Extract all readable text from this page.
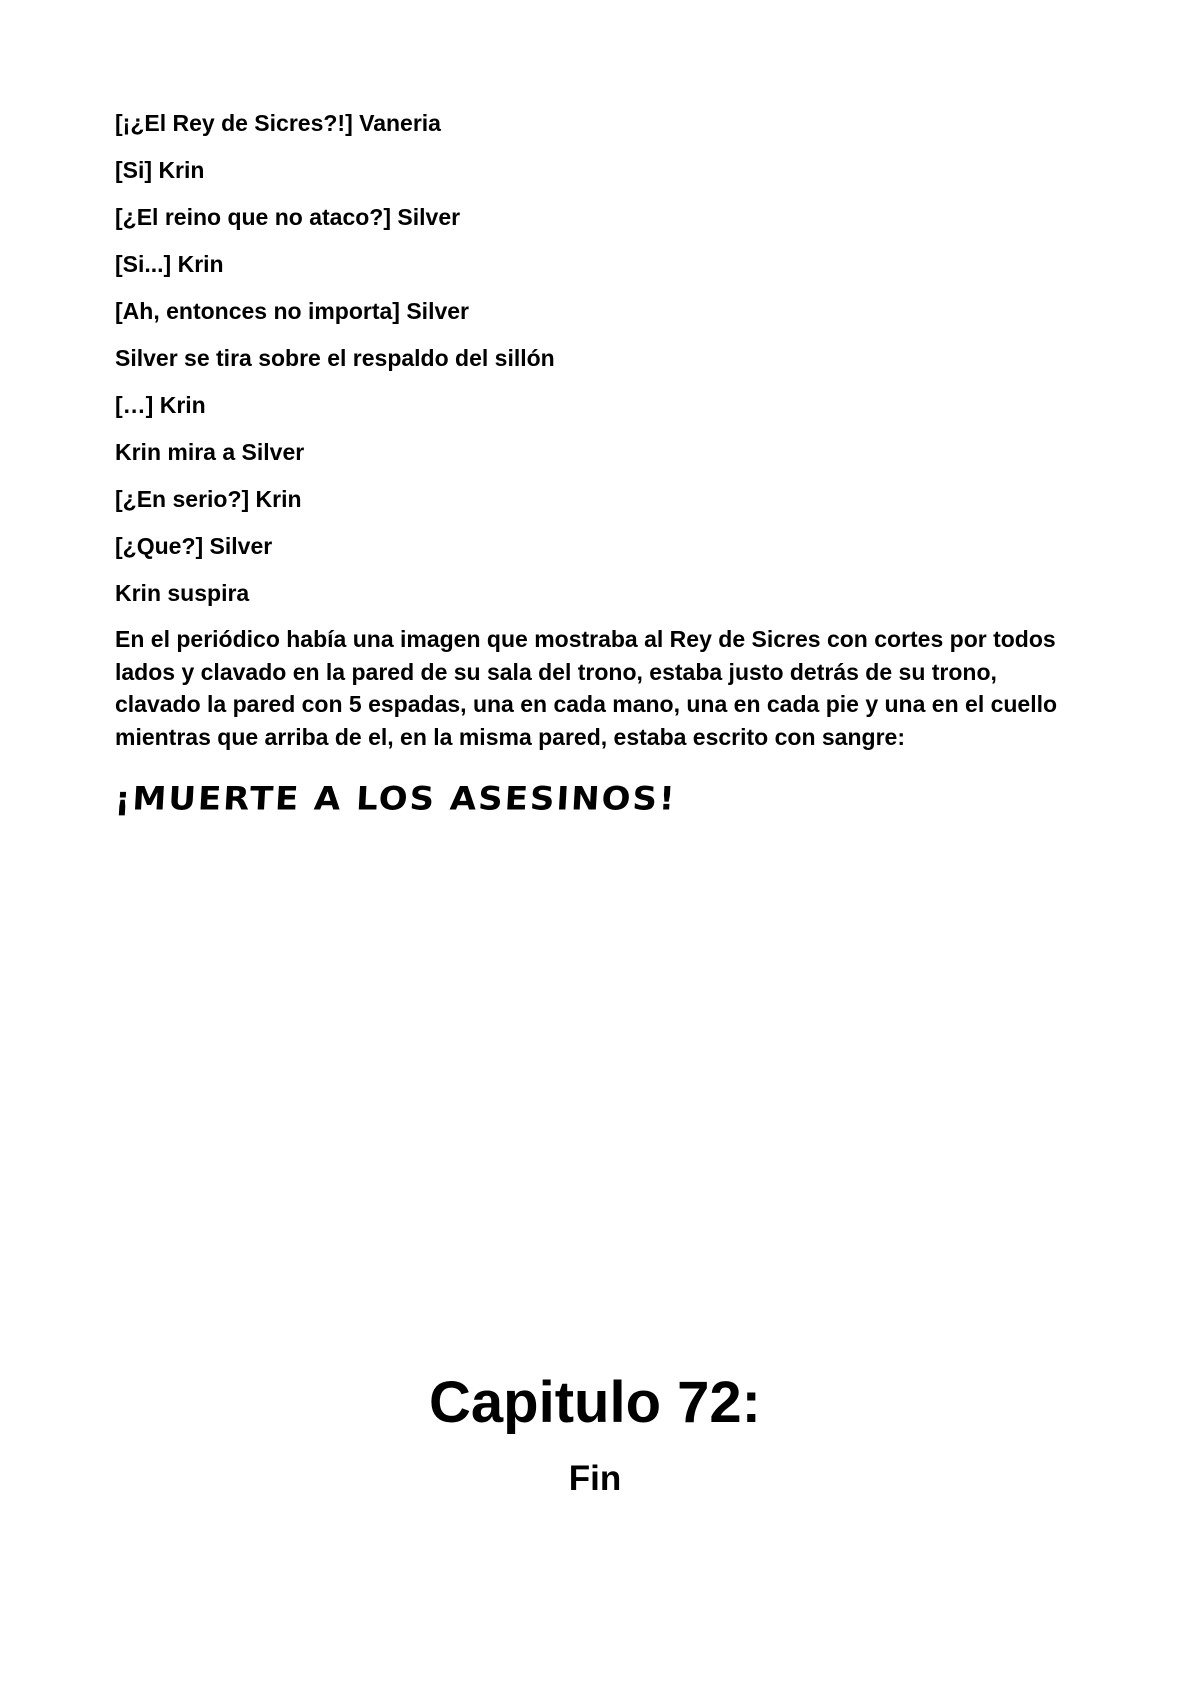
[¡¿El Rey de Sicres?!] Vaneria

[Si] Krin

[¿El reino que no ataco?] Silver

[Si...] Krin

[Ah, entonces no importa] Silver

Silver se tira sobre el respaldo del sillón

[…] Krin

Krin mira a Silver

[¿En serio?] Krin

[¿Que?] Silver

Krin suspira

En el periódico había una imagen que mostraba al Rey de Sicres con cortes por todos lados y clavado en la pared de su sala del trono, estaba justo detrás de su trono, clavado la pared con 5 espadas, una en cada mano, una en cada pie y una en el cuello mientras que arriba de el, en la misma pared, estaba escrito con sangre:

¡MUERTE A LOS ASESINOS!
Capitulo 72:
Fin
